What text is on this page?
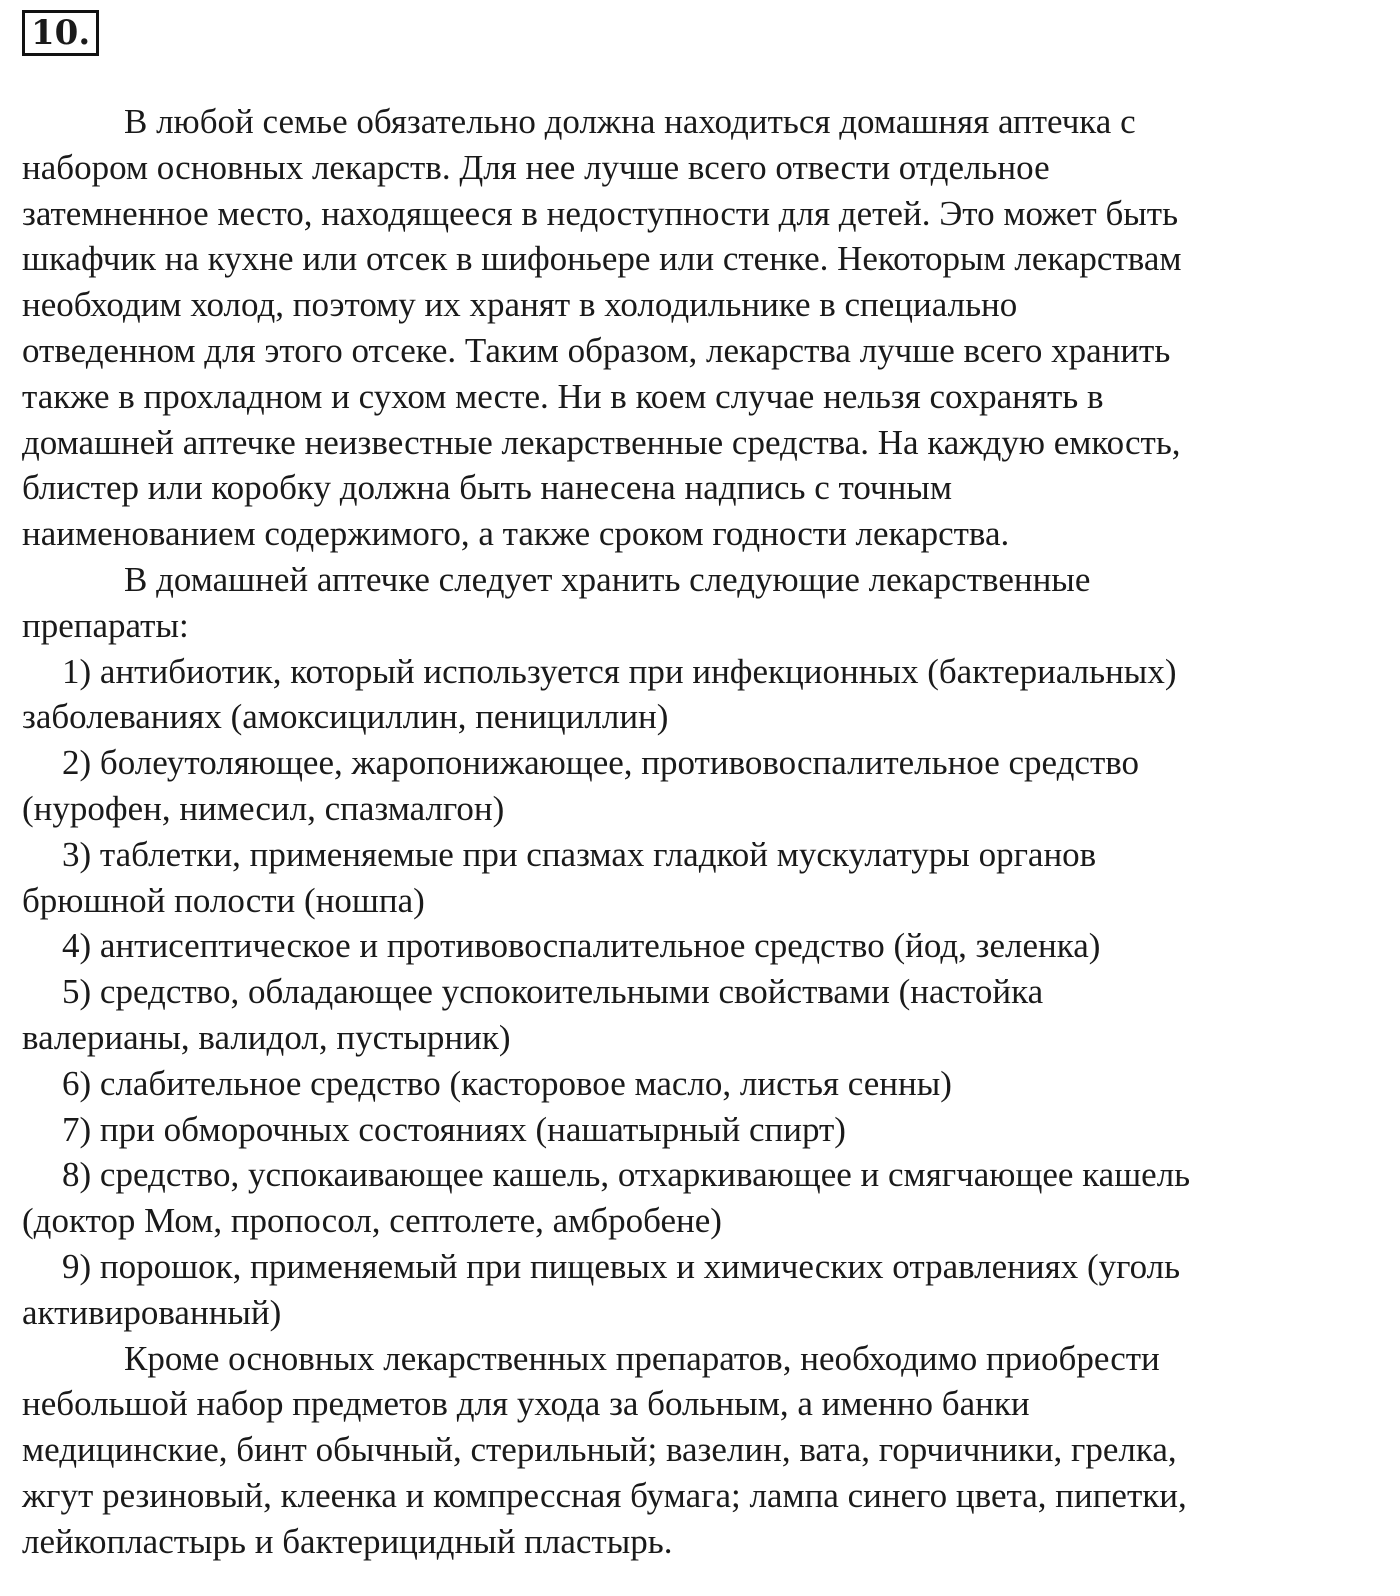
10.
В любой семье обязательно должна находиться домашняя аптечка с
набором основных лекарств. Для нее лучше всего отвести отдельное
затемненное место, находящееся в недоступности для детей. Это может быть
шкафчик на кухне или отсек в шифоньере или стенке. Некоторым лекарствам
необходим холод, поэтому их хранят в холодильнике в специально
отведенном для этого отсеке. Таким образом, лекарства лучше всего хранить
также в прохладном и сухом месте. Ни в коем случае нельзя сохранять в
домашней аптечке неизвестные лекарственные средства. На каждую емкость,
блистер или коробку должна быть нанесена надпись с точным
наименованием содержимого, а также сроком годности лекарства.
В домашней аптечке следует хранить следующие лекарственные
препараты:
1) антибиотик, который используется при инфекционных (бактериальных)
заболеваниях (амоксициллин, пенициллин)
2) болеутоляющее, жаропонижающее, противовоспалительное средство
(нурофен, нимесил, спазмалгон)
3) таблетки, применяемые при спазмах гладкой мускулатуры органов
брюшной полости (ношпа)
4) антисептическое и противовоспалительное средство (йод, зеленка)
5) средство, обладающее успокоительными свойствами (настойка
валерианы, валидол, пустырник)
6) слабительное средство (касторовое масло, листья сенны)
7) при обморочных состояниях (нашатырный спирт)
8) средство, успокаивающее кашель, отхаркивающее и смягчающее кашель
(доктор Мом, пропосол, септолете, амбробене)
9) порошок, применяемый при пищевых и химических отравлениях (уголь
активированный)
Кроме основных лекарственных препаратов, необходимо приобрести
небольшой набор предметов для ухода за больным, а именно банки
медицинские, бинт обычный, стерильный; вазелин, вата, горчичники, грелка,
жгут резиновый, клеенка и компрессная бумага; лампа синего цвета, пипетки,
лейкопластырь и бактерицидный пластырь.
